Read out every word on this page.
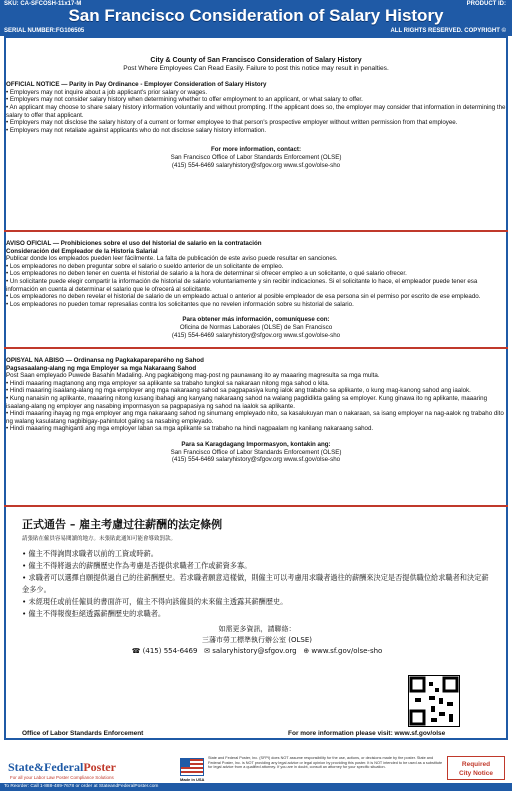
SKU: CA-SFCOSH-11x17-M	PRODUCT ID:
San Francisco Consideration of Salary History
SERIAL NUMBER:FG106505	ALL RIGHTS RESERVED. COPYRIGHT ©
City & County of San Francisco Consideration of Salary History
Post Where Employees Can Read Easily. Failure to post this notice may result in penalties.
OFFICIAL NOTICE — Parity in Pay Ordinance - Employer Consideration of Salary History
• Employers may not inquire about a job applicant's prior salary or wages.
• Employers may not consider salary history when determining whether to offer employment to an applicant, or what salary to offer.
• An applicant may choose to share salary history information voluntarily and without prompting. If the applicant does so, the employer may consider that information in determining the salary to offer that applicant.
• Employers may not disclose the salary history of a current or former employee to that person's prospective employer without written permission from that employee.
• Employers may not retaliate against applicants who do not disclose salary history information.
For more information, contact:
San Francisco Office of Labor Standards Enforcement (OLSE)
(415) 554-6469 salaryhistory@sfgov.org www.sf.gov/olse-sho
AVISO OFICIAL — Prohibiciones sobre el uso del historial de salario en la contratación
Consideración del Empleador de la Historia Salarial
Publicar donde los empleados pueden leer fácilmente. La falta de publicación de este aviso puede resultar en sanciones.
• Los empleadores no deben preguntar sobre el salario o sueldo anterior de un solicitante de empleo.
• Los empleadores no deben tener en cuenta el historial de salario a la hora de determinar si ofrecer empleo a un solicitante, o qué salario ofrecer.
• Un solicitante puede elegir compartir la información de historial de salario voluntariamente y sin recibir indicaciones. Si el solicitante lo hace, el empleador puede tener esa información en cuenta al determinar el salario que le ofrecerá al solicitante.
• Los empleadores no deben revelar el historial de salario de un empleado actual o anterior al posible empleador de esa persona sin el permiso por escrito de ese empleado.
• Los empleadores no pueden tomar represalias contra los solicitantes que no revelen información sobre su historial de salario.
Para obtener más información, comuníquese con:
Oficina de Normas Laborales (OLSE) de San Francisco
(415) 554-6469 salaryhistory@sfgov.org www.sf.gov/olse-sho
OPISYAL NA ABISO — Ordinansa ng Pagkakapareparého ng Sahod
Pagsasaalang-alang ng mga Employer sa mga Nakaraang Sahod
Post Saan empleyado Puwede Basahin Madaling. Ang pagkabigong mag-post ng paunawang ito ay maaaring magresulta sa mga multa.
• Hindi maaaring magtanong ang mga employer sa aplikante sa trabaho tungkol sa nakaraan nitong mga sahod o kita.
• Hindi maaaring isaalang-alang ng mga employer ang mga nakaraang sahod sa pagpapasiya kung ialok ang trabaho sa aplikante, o kung mag-kanong sahod ang iaalok.
• Kung nanaisin ng aplikante, maaaring nitong kusang ibahagi ang kanyang nakaraang sahod na walang pagdidikta galing sa employer. Kung ginawa ito ng aplikante, maaaring isaalang-alang ng employer ang nasabing impormasyon sa pagpapasiya ng sahod na iaalok sa aplikante.
• Hindi maaaring ihayag ng mga employer ang mga nakaraang sahod ng sinumang empleyado nito, sa kasalukuyan man o nakaraan, sa isang employer na nag-aalok ng trabaho dito ng walang kasulatang nagbibigay-pahintulot galing sa nasabing empleyado.
• Hindi maaaring maghiganti ang mga employer laban sa mga aplikante sa trabaho na hindi nagpaalam ng kanilang nakaraang sahod.
Para sa Karagdagang Impormasyon, kontakin ang:
San Francisco Office of Labor Standards Enforcement (OLSE)
(415) 554-6469 salaryhistory@sfgov.org www.sf.gov/olse-sho
正式通告 – 雇主考慮过往薪酬的法定條例
請張貼在僱員容易閱讀的地方。未張貼此通知可能會導致罰款。
• 僱主不得詢問求職者以前的工資或時薪。
• 僱主不得將過去的薪酬歷史作為考慮是否提供求職者工作或薪資多寡。
• 求職者可以選擇自願提供過自己的往薪酬歷史。若求職者願意這樣做，則僱主可以考慮用求職者過往的薪酬來決定是否提供職位給求職者和決定薪金多少。
• 未經現任或前任僱員的書面許可，僱主不得向該僱員的未來僱主透露其薪酬歷史。
• 僱主不得報復拒絕透露薪酬歷史的求職者。
如需更多資訊，請聯絡：
三藩市勞工標準執行辦公室 (OLSE)
☎ (415) 554-6469 ✉ salaryhistory@sfgov.org ⊕ www.sf.gov/olse-sho
Office of Labor Standards Enforcement	For more information please visit: www.sf.gov/olse
State&FederalPoster
For all your Labor Law Poster Compliance Solutions	Made in USA
State and Federal Poster, Inc. (SFPI) does NOT assume responsibility for the use, actions, or decisions made by the poster. State and Federal Poster, Inc. is NOT providing any legal advice or legal opinion by providing this poster. It is NOT intended to be used as a substitute for legal advice from a qualified attorney. If you are in doubt, consult an attorney for your specific situation.	Required
City Notice
To Reorder: Call 1-888-489-7678 or order at StateandFederalPoster.com
